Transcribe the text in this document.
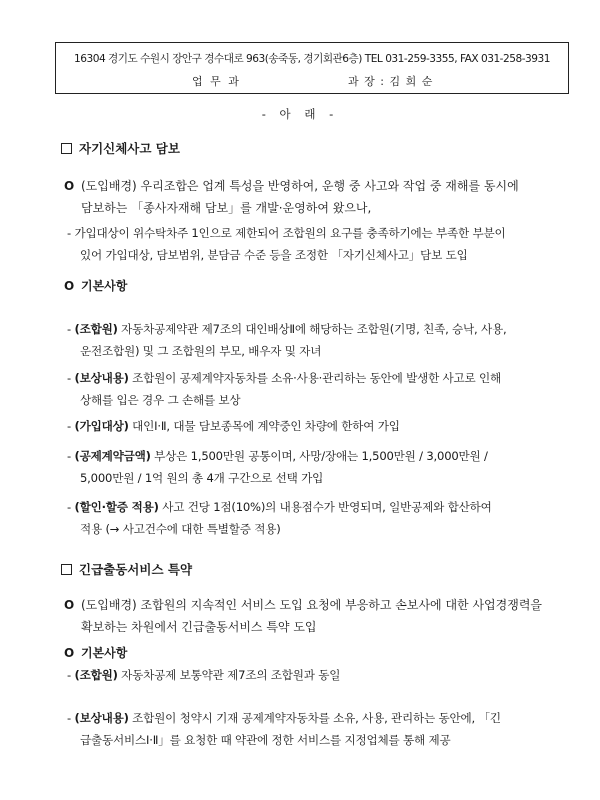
16304 경기도 수원시 장안구 경수대로 963(송죽동, 경기회관6층) TEL 031-259-3355, FAX 031-258-3931
업 무 과	과 장 : 김 희 순
- 아 래 -
자기신체사고 담보
O (도입배경) 우리조합은 업계 특성을 반영하여, 운행 중 사고와 작업 중 재해를 동시에
담보하는 「종사자재해 담보」를 개발·운영하여 왔으나,
- 가입대상이 위수탁차주 1인으로 제한되어 조합원의 요구를 충족하기에는 부족한 부분이
있어 가입대상, 담보범위, 분담금 수준 등을 조정한 「자기신체사고」담보 도입
O 기본사항
- (조합원) 자동차공제약관 제7조의 대인배상Ⅱ에 해당하는 조합원(기명, 친족, 승낙, 사용,
운전조합원) 및 그 조합원의 부모, 배우자 및 자녀
- (보상내용) 조합원이 공제계약자동차를 소유·사용·관리하는 동안에 발생한 사고로 인해
상해를 입은 경우 그 손해를 보상
- (가입대상) 대인Ⅰ·Ⅱ, 대물 담보종목에 계약중인 차량에 한하여 가입
- (공제계약금액) 부상은 1,500만원 공통이며, 사망/장애는 1,500만원 / 3,000만원 /
5,000만원 / 1억 원의 총 4개 구간으로 선택 가입
- (할인·할증 적용) 사고 건당 1점(10%)의 내용점수가 반영되며, 일반공제와 합산하여
적용 (→ 사고건수에 대한 특별할증 적용)
긴급출동서비스 특약
O (도입배경) 조합원의 지속적인 서비스 도입 요청에 부응하고 손보사에 대한 사업경쟁력을
확보하는 차원에서 긴급출동서비스 특약 도입
O 기본사항
- (조합원) 자동차공제 보통약관 제7조의 조합원과 동일
- (보상내용) 조합원이 청약시 기재 공제계약자동차를 소유, 사용, 관리하는 동안에, 「긴
급출동서비스Ⅰ·Ⅱ」를 요청한 때 약관에 정한 서비스를 지정업체를 통해 제공
